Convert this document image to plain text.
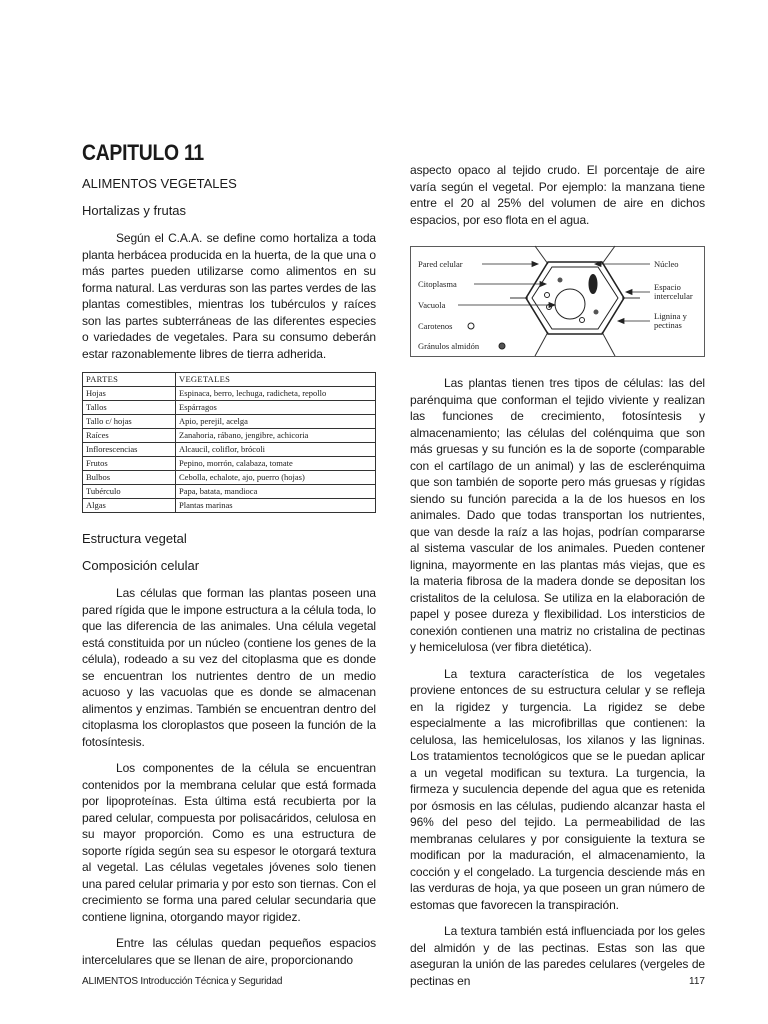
CAPITULO 11
ALIMENTOS VEGETALES
Hortalizas y frutas

Según el C.A.A. se define como hortaliza a toda planta herbácea producida en la huerta, de la que una o más partes pueden utilizarse como alimentos en su forma natural. Las verduras son las partes verdes de las plantas comestibles, mientras los tubérculos y raíces son las partes subterráneas de las diferentes especies o variedades de vegetales. Para su consumo deberán estar razonablemente libres de tierra adherida.

PARTES	VEGETALES
Hojas	Espinaca, berro, lechuga, radicheta, repollo
Tallos	Espárragos
Tallo c/ hojas	Apio, perejil, acelga
Raíces	Zanahoria, rábano, jengibre, achicoria
Inflorescencias	Alcaucil, coliflor, brócoli
Frutos	Pepino, morrón, calabaza, tomate
Bulbos	Cebolla, echalote, ajo, puerro (hojas)
Tubérculo	Papa, batata, mandioca
Algas	Plantas marinas
Estructura vegetal
Composición celular

Las células que forman las plantas poseen una pared rígida que le impone estructura a la célula toda, lo que las diferencia de las animales. Una célula vegetal está constituida por un núcleo (contiene los genes de la célula), rodeado a su vez del citoplasma que es donde se encuentran los nutrientes dentro de un medio acuoso y las vacuolas que es donde se almacenan alimentos y enzimas. También se encuentran dentro del citoplasma los cloroplastos que poseen la función de la fotosíntesis.

Los componentes de la célula se encuentran contenidos por la membrana celular que está formada por lipoproteínas. Esta última está recubierta por la pared celular, compuesta por polisacáridos, celulosa en su mayor proporción. Como es una estructura de soporte rígida según sea su espesor le otorgará textura al vegetal. Las células vegetales jóvenes solo tienen una pared celular primaria y por esto son tiernas. Con el crecimiento se forma una pared celular secundaria que contiene lignina, otorgando mayor rigidez.

Entre las células quedan pequeños espacios intercelulares que se llenan de aire, proporcionando

aspecto opaco al tejido crudo. El porcentaje de aire varía según el vegetal. Por ejemplo: la manzana tiene entre el 20 al 25% del volumen de aire en dichos espacios, por eso flota en el agua.

Pared celular
Citoplasma
Vacuola
Carotenos
Gránulos almidón
Núcleo
Espacio
intercelular
Lignina y
pectinas

Las plantas tienen tres tipos de células: las del parénquima que conforman el tejido viviente y realizan las funciones de crecimiento, fotosíntesis y almacenamiento; las células del colénquima que son más gruesas y su función es la de soporte (comparable con el cartílago de un animal) y las de esclerénquima que son también de soporte pero más gruesas y rígidas siendo su función parecida a la de los huesos en los animales. Dado que todas transportan los nutrientes, que van desde la raíz a las hojas, podrían compararse al sistema vascular de los animales. Pueden contener lignina, mayormente en las plantas más viejas, que es la materia fibrosa de la madera donde se depositan los cristalitos de la celulosa. Se utiliza en la elaboración de papel y posee dureza y flexibilidad. Los intersticios de conexión contienen una matriz no cristalina de pectinas y hemicelulosa (ver fibra dietética).

La textura característica de los vegetales proviene entonces de su estructura celular y se refleja en la rigidez y turgencia. La rigidez se debe especialmente a las microfibrillas que contienen: la celulosa, las hemicelulosas, los xilanos y las ligninas. Los tratamientos tecnológicos que se le puedan aplicar a un vegetal modifican su textura. La turgencia, la firmeza y suculencia depende del agua que es retenida por ósmosis en las células, pudiendo alcanzar hasta el 96% del peso del tejido. La permeabilidad de las membranas celulares y por consiguiente la textura se modifican por la maduración, el almacenamiento, la cocción y el congelado. La turgencia desciende más en las verduras de hoja, ya que poseen un gran número de estomas que favorecen la transpiración.

La textura también está influenciada por los geles del almidón y de las pectinas. Estas son las que aseguran la unión de las paredes celulares (vergeles de pectinas en

ALIMENTOS Introducción Técnica y Seguridad	117
